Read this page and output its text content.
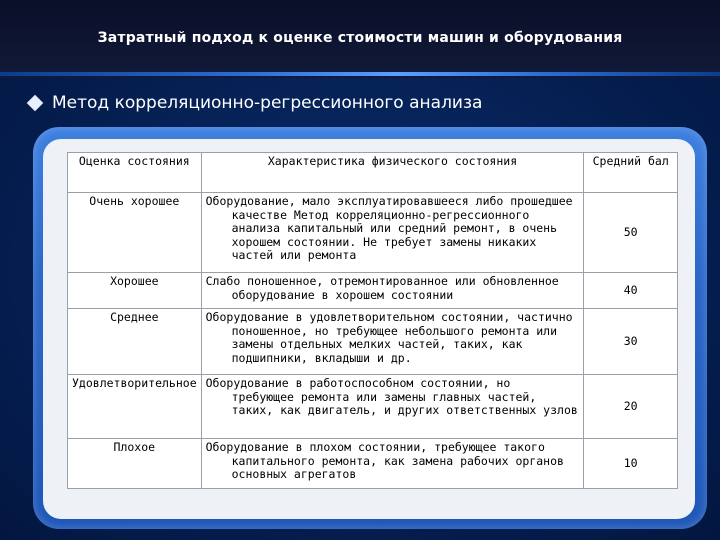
Затратный подход к оценке стоимости машин и оборудования
Метод корреляционно-регрессионного анализа
Оценка состояния	Характеристика физического состояния	Средний бал
Очень хорошее	Оборудование, мало эксплуатировавшееся либо прошедшее качестве Метод корреляционно-регрессионного анализа капитальный или средний ремонт, в очень хорошем состоянии. Не требует замены никаких частей или ремонта	50
Хорошее	Слабо поношенное, отремонтированное или обновленное оборудование в хорошем состоянии	40
Среднее	Оборудование в удовлетворительном состоянии, частично поношенное, но требующее небольшого ремонта или замены отдельных мелких частей, таких, как подшипники, вкладыши и др.	30
Удовлетворительное	Оборудование в работоспособном состоянии, но требующее ремонта или замены главных частей, таких, как двигатель, и других ответственных узлов	20
Плохое	Оборудование в плохом состоянии, требующее такого капитального ремонта, как замена рабочих органов основных агрегатов	10
